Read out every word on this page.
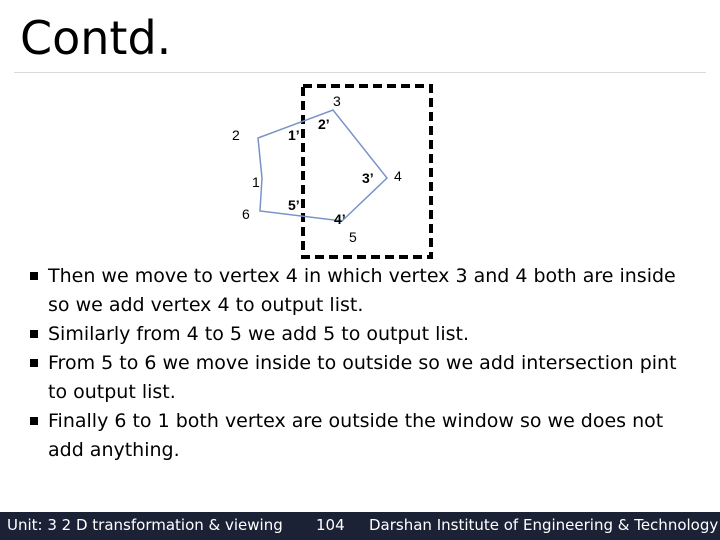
Contd.
1
2
3
4
5
6
1’
2’
3’
4’
5’
Then we move to vertex 4 in which vertex 3 and 4 both are inside so we add vertex 4 to output list.
Similarly from 4 to 5 we add 5 to output list.
From 5 to 6 we move inside to outside so we add intersection pint to output list.
Finally 6 to 1 both vertex are outside the window so we does not add anything.
Unit: 3 2 D transformation & viewing 104 Darshan Institute of Engineering & Technology
